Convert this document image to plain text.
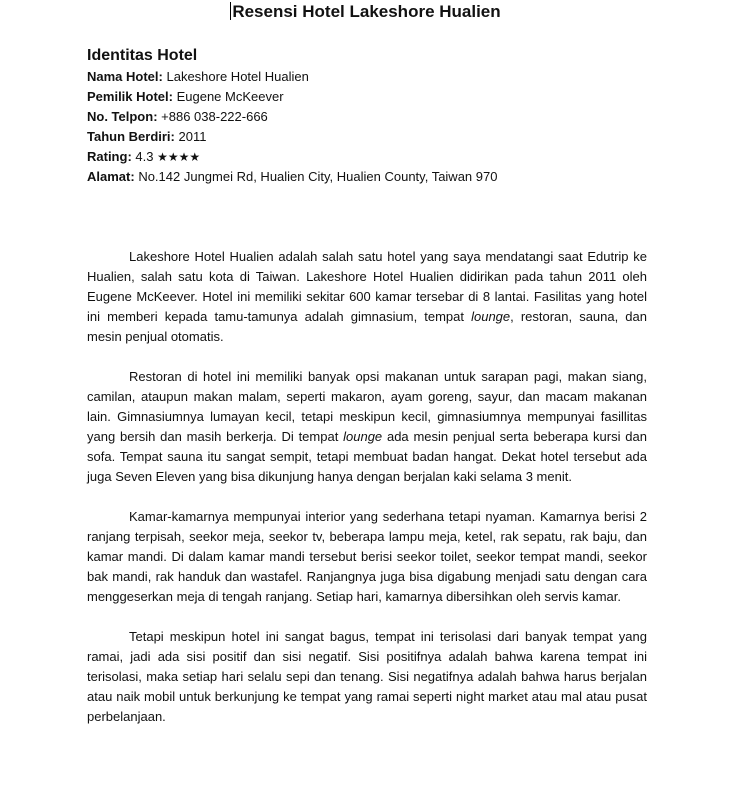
Resensi Hotel Lakeshore Hualien
Identitas Hotel
Nama Hotel: Lakeshore Hotel Hualien
Pemilik Hotel: Eugene McKeever
No. Telpon: +886 038-222-666
Tahun Berdiri: 2011
Rating: 4.3 ★★★★
Alamat: No.142 Jungmei Rd, Hualien City, Hualien County, Taiwan 970

Lakeshore Hotel Hualien adalah salah satu hotel yang saya mendatangi saat Edutrip ke Hualien, salah satu kota di Taiwan. Lakeshore Hotel Hualien didirikan pada tahun 2011 oleh Eugene McKeever. Hotel ini memiliki sekitar 600 kamar tersebar di 8 lantai. Fasilitas yang hotel ini memberi kepada tamu-tamunya adalah gimnasium, tempat lounge, restoran, sauna, dan mesin penjual otomatis.

Restoran di hotel ini memiliki banyak opsi makanan untuk sarapan pagi, makan siang, camilan, ataupun makan malam, seperti makaron, ayam goreng, sayur, dan macam makanan lain. Gimnasiumnya lumayan kecil, tetapi meskipun kecil, gimnasiumnya mempunyai fasillitas yang bersih dan masih berkerja. Di tempat lounge ada mesin penjual serta beberapa kursi dan sofa. Tempat sauna itu sangat sempit, tetapi membuat badan hangat. Dekat hotel tersebut ada juga Seven Eleven yang bisa dikunjung hanya dengan berjalan kaki selama 3 menit.

Kamar-kamarnya mempunyai interior yang sederhana tetapi nyaman. Kamarnya berisi 2 ranjang terpisah, seekor meja, seekor tv, beberapa lampu meja, ketel, rak sepatu, rak baju, dan kamar mandi. Di dalam kamar mandi tersebut berisi seekor toilet, seekor tempat mandi, seekor bak mandi, rak handuk dan wastafel. Ranjangnya juga bisa digabung menjadi satu dengan cara menggeserkan meja di tengah ranjang. Setiap hari, kamarnya dibersihkan oleh servis kamar.

Tetapi meskipun hotel ini sangat bagus, tempat ini terisolasi dari banyak tempat yang ramai, jadi ada sisi positif dan sisi negatif. Sisi positifnya adalah bahwa karena tempat ini terisolasi, maka setiap hari selalu sepi dan tenang. Sisi negatifnya adalah bahwa harus berjalan atau naik mobil untuk berkunjung ke tempat yang ramai seperti night market atau mal atau pusat perbelanjaan.
